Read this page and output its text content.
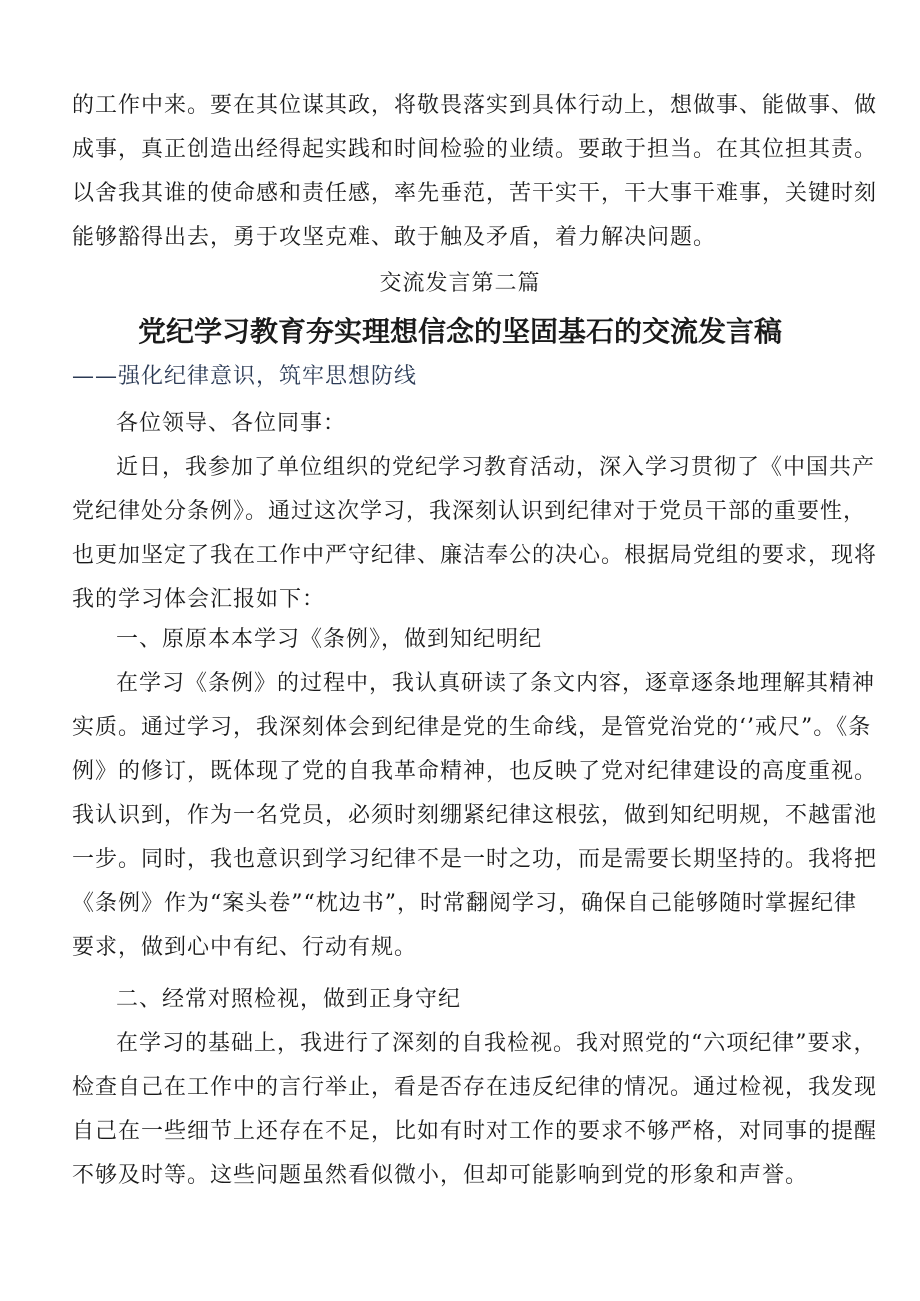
的工作中来。要在其位谋其政，将敬畏落实到具体行动上，想做事、能做事、做成事，真正创造出经得起实践和时间检验的业绩。要敢于担当。在其位担其责。以舍我其谁的使命感和责任感，率先垂范，苦干实干，干大事干难事，关键时刻能够豁得出去，勇于攻坚克难、敢于触及矛盾，着力解决问题。

交流发言第二篇
党纪学习教育夯实理想信念的坚固基石的交流发言稿
——强化纪律意识，筑牢思想防线

各位领导、各位同事：

近日，我参加了单位组织的党纪学习教育活动，深入学习贯彻了《中国共产党纪律处分条例》。通过这次学习，我深刻认识到纪律对于党员干部的重要性，也更加坚定了我在工作中严守纪律、廉洁奉公的决心。根据局党组的要求，现将我的学习体会汇报如下：

一、原原本本学习《条例》，做到知纪明纪

在学习《条例》的过程中，我认真研读了条文内容，逐章逐条地理解其精神实质。通过学习，我深刻体会到纪律是党的生命线，是管党治党的‘’戒尺”。《条例》的修订，既体现了党的自我革命精神，也反映了党对纪律建设的高度重视。我认识到，作为一名党员，必须时刻绷紧纪律这根弦，做到知纪明规，不越雷池一步。同时，我也意识到学习纪律不是一时之功，而是需要长期坚持的。我将把《条例》作为“案头卷”“枕边书”，时常翻阅学习，确保自己能够随时掌握纪律要求，做到心中有纪、行动有规。

二、经常对照检视，做到正身守纪

在学习的基础上，我进行了深刻的自我检视。我对照党的“六项纪律”要求，检查自己在工作中的言行举止，看是否存在违反纪律的情况。通过检视，我发现自己在一些细节上还存在不足，比如有时对工作的要求不够严格，对同事的提醒不够及时等。这些问题虽然看似微小，但却可能影响到党的形象和声誉。
